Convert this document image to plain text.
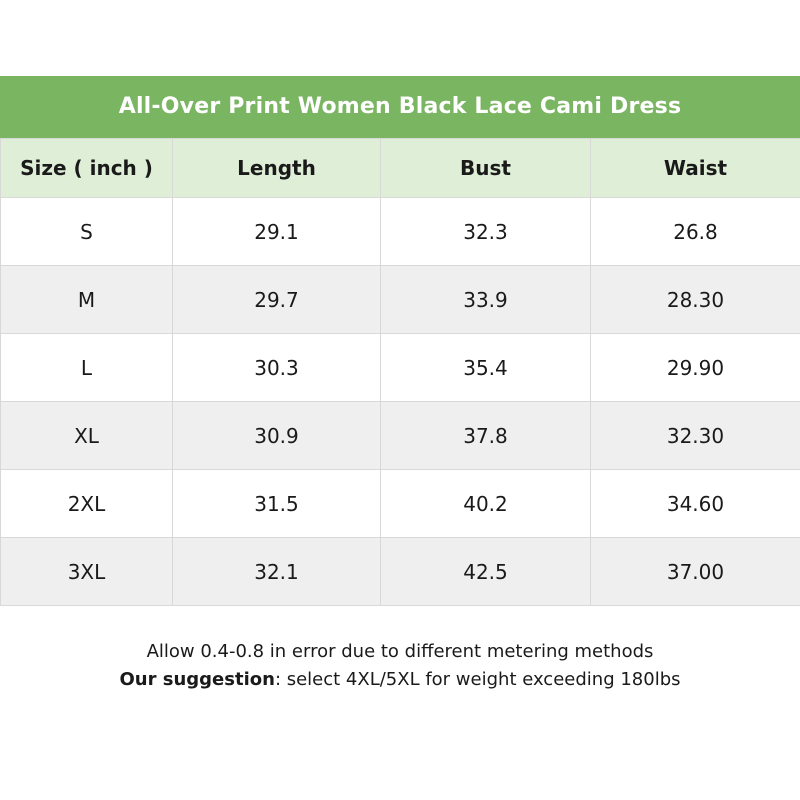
All-Over Print Women Black Lace Cami Dress
Size ( inch )	Length	Bust	Waist
S	29.1	32.3	26.8
M	29.7	33.9	28.30
L	30.3	35.4	29.90
XL	30.9	37.8	32.30
2XL	31.5	40.2	34.60
3XL	32.1	42.5	37.00
Allow 0.4-0.8 in error due to different metering methods
Our suggestion: select 4XL/5XL for weight exceeding 180lbs
